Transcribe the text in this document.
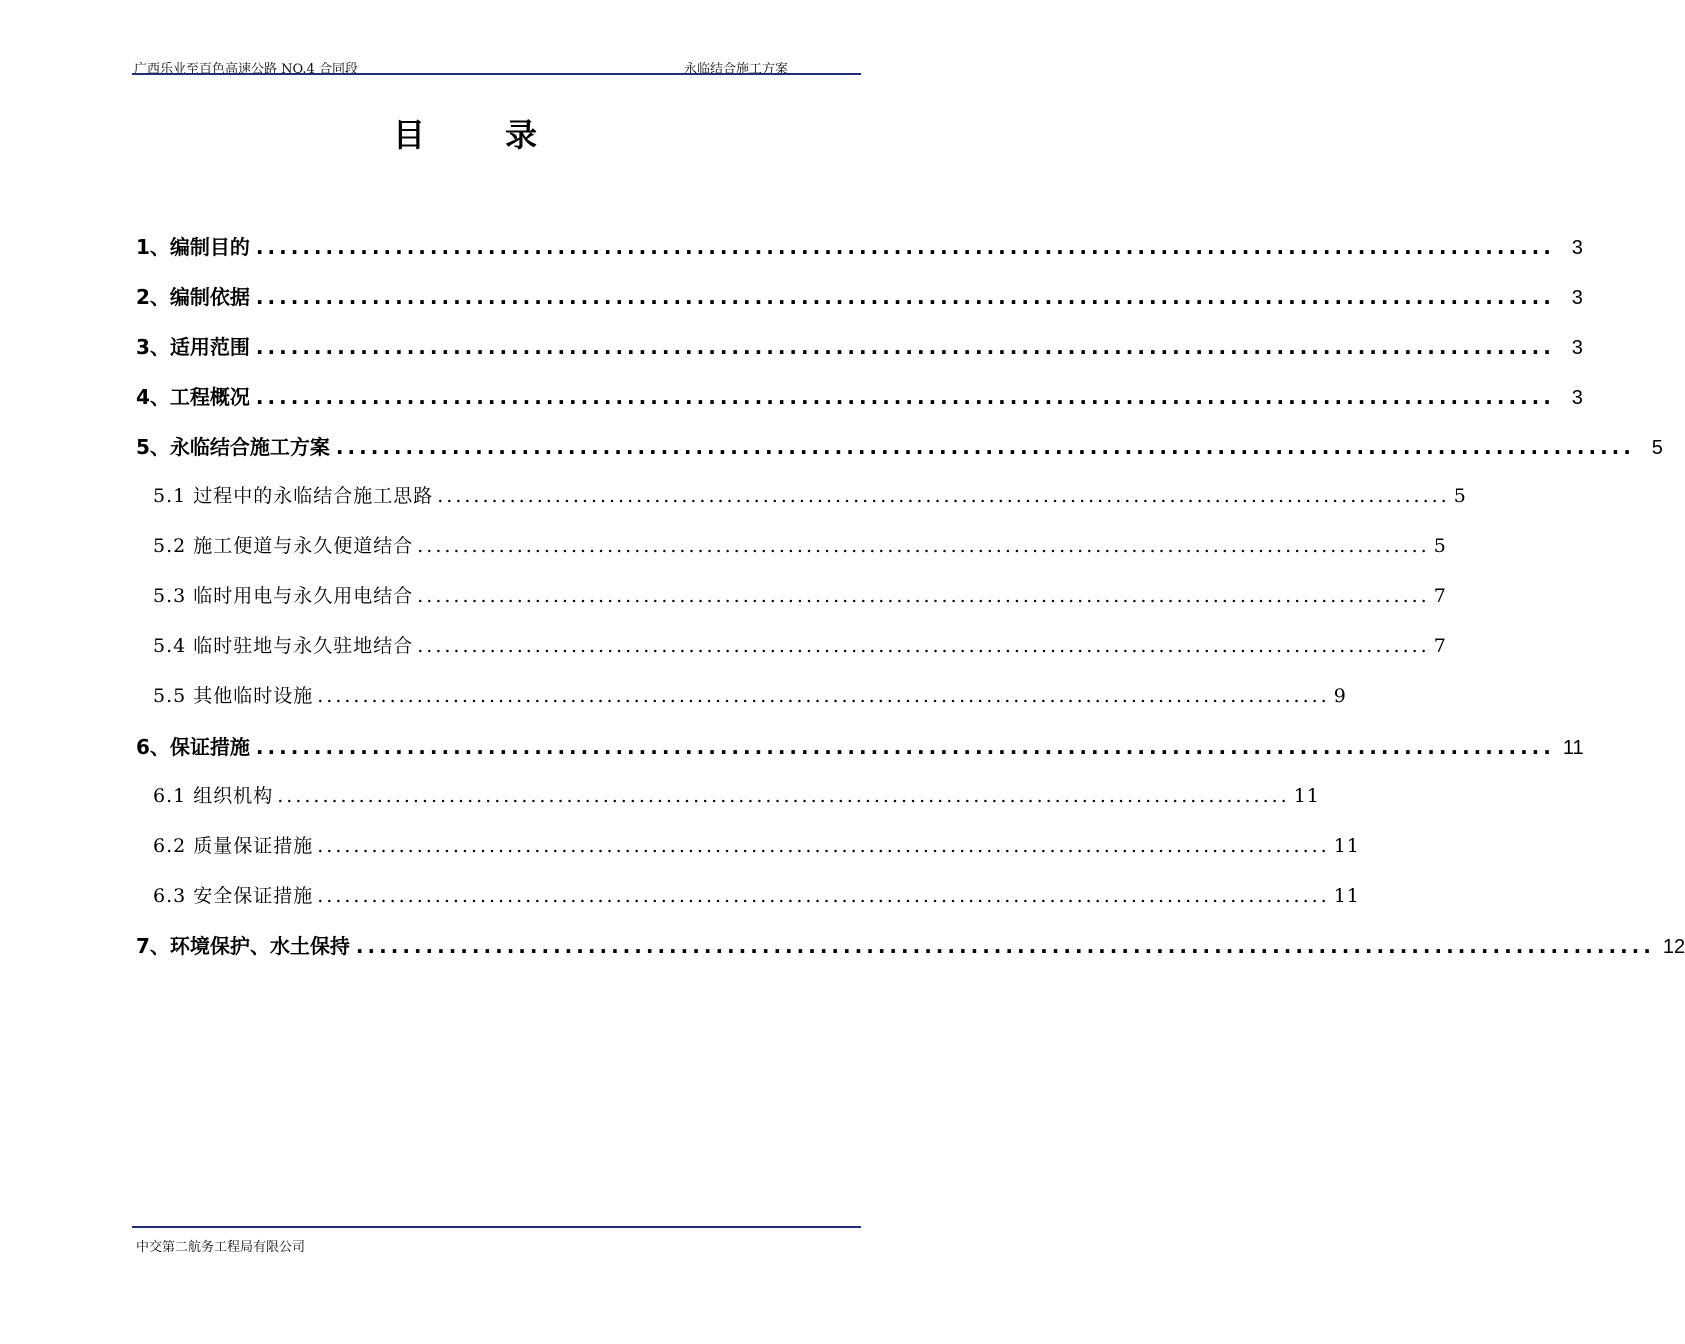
广西乐业至百色高速公路 NO.4 合同段	永临结合施工方案
目录
1、编制目的 ................................................................................................................ 3
2、编制依据 ................................................................................................................ 3
3、适用范围 ................................................................................................................ 3
4、工程概况 ................................................................................................................ 3
5、永临结合施工方案 ................................................................................................................ 5
5.1 过程中的永临结合施工思路 ................................................................................................................ 5
5.2 施工便道与永久便道结合 ................................................................................................................ 5
5.3 临时用电与永久用电结合 ................................................................................................................ 7
5.4 临时驻地与永久驻地结合 ................................................................................................................ 7
5.5 其他临时设施 ................................................................................................................ 9
6、保证措施 ................................................................................................................ 11
6.1 组织机构 ................................................................................................................ 11
6.2 质量保证措施 ................................................................................................................ 11
6.3 安全保证措施 ................................................................................................................ 11
7、环境保护、水土保持 ................................................................................................................ 12
中交第二航务工程局有限公司
